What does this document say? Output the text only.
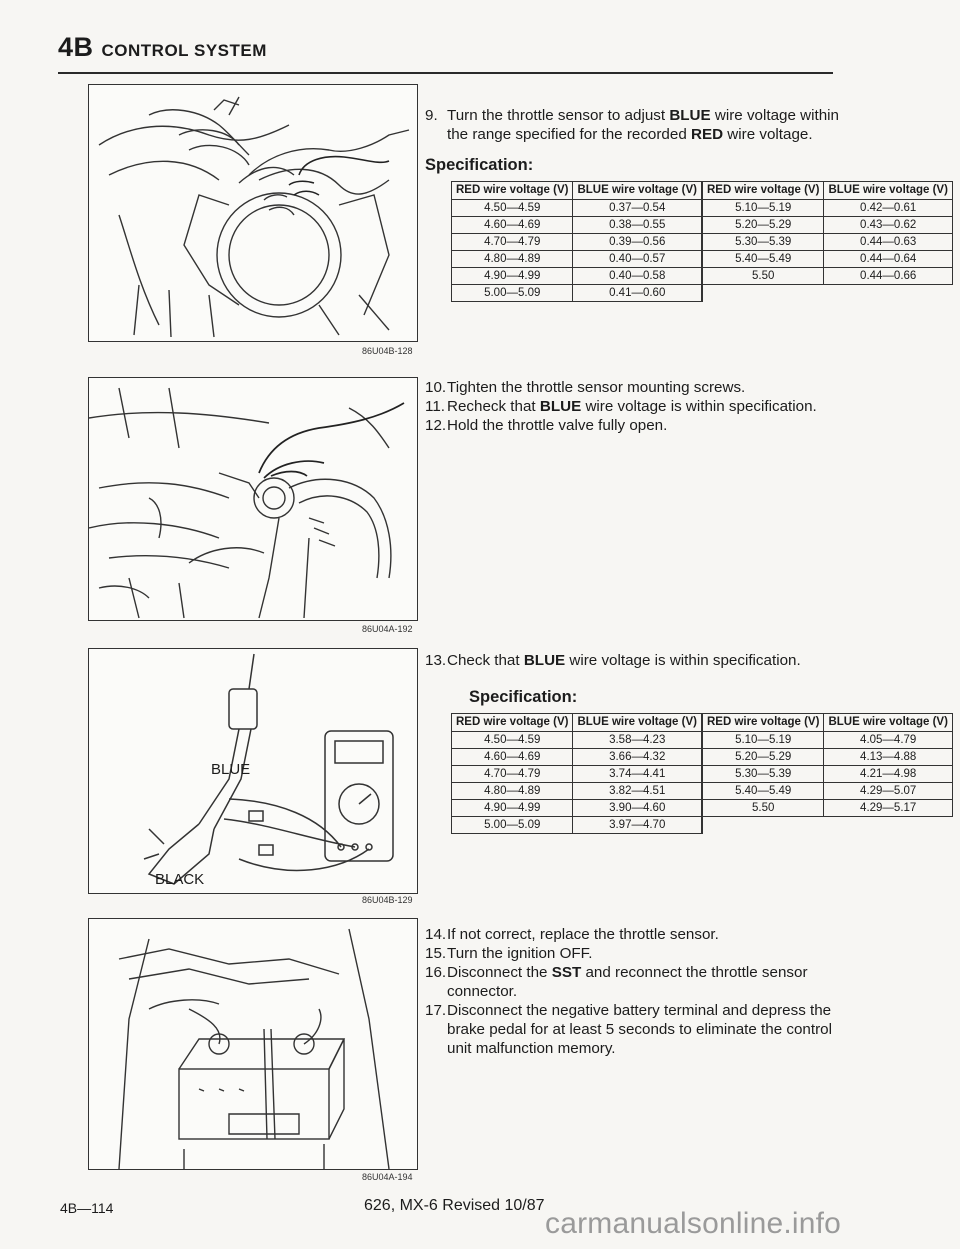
4B CONTROL SYSTEM
86U04B-128
86U04A-192
BLUE
BLACK
86U04B-129
86U04A-194
9. Turn the throttle sensor to adjust BLUE wire voltage within the range specified for the recorded RED wire voltage.
Specification:
RED wire voltage (V)	BLUE wire voltage (V)	RED wire voltage (V)	BLUE wire voltage (V)
4.50—4.59	0.37—0.54	5.10—5.19	0.42—0.61
4.60—4.69	0.38—0.55	5.20—5.29	0.43—0.62
4.70—4.79	0.39—0.56	5.30—5.39	0.44—0.63
4.80—4.89	0.40—0.57	5.40—5.49	0.44—0.64
4.90—4.99	0.40—0.58	5.50	0.44—0.66
5.00—5.09	0.41—0.60		
10. Tighten the throttle sensor mounting screws.
11. Recheck that BLUE wire voltage is within specification.
12. Hold the throttle valve fully open.
13. Check that BLUE wire voltage is within specification.
Specification:
RED wire voltage (V)	BLUE wire voltage (V)	RED wire voltage (V)	BLUE wire voltage (V)
4.50—4.59	3.58—4.23	5.10—5.19	4.05—4.79
4.60—4.69	3.66—4.32	5.20—5.29	4.13—4.88
4.70—4.79	3.74—4.41	5.30—5.39	4.21—4.98
4.80—4.89	3.82—4.51	5.40—5.49	4.29—5.07
4.90—4.99	3.90—4.60	5.50	4.29—5.17
5.00—5.09	3.97—4.70		
14. If not correct, replace the throttle sensor.
15. Turn the ignition OFF.
16. Disconnect the SST and reconnect the throttle sensor connector.
17. Disconnect the negative battery terminal and depress the brake pedal for at least 5 seconds to eliminate the control unit malfunction memory.
4B—114	626, MX-6 Revised 10/87
carmanualsonline.info
